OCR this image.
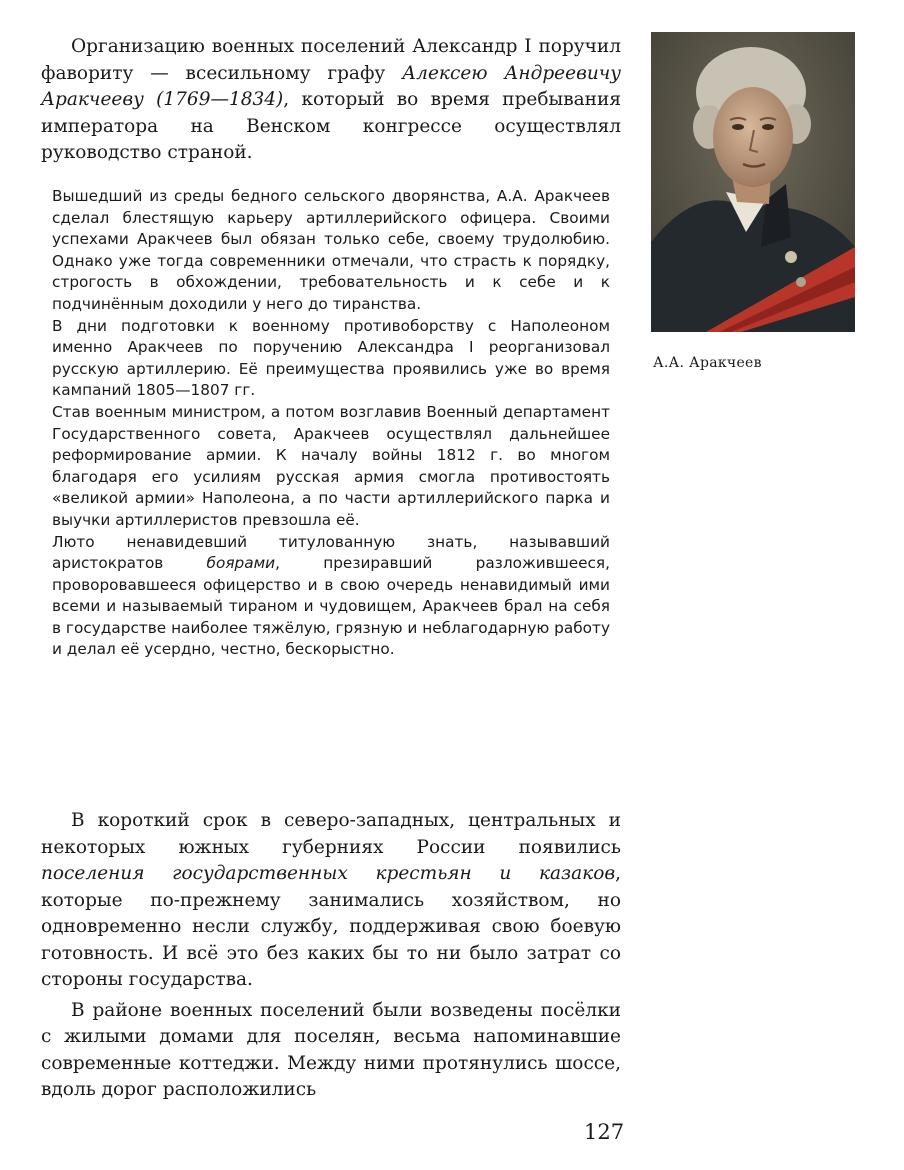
Организацию военных поселений Александр I поручил фавориту — всесильному графу Алексею Андреевичу Аракчееву (1769—1834), который во время пребывания императора на Венском конгрессе осуществлял руководство страной.

Вышедший из среды бедного сельского дворянства, А.А. Аракчеев сделал блестящую карьеру артиллерийского офицера. Своими успехами Аракчеев был обязан только себе, своему трудолюбию. Однако уже тогда современники отмечали, что страсть к порядку, строгость в обхождении, требовательность и к себе и к подчинённым доходили у него до тиранства.

В дни подготовки к военному противоборству с Наполеоном именно Аракчеев по поручению Александра I реорганизовал русскую артиллерию. Её преимущества проявились уже во время кампаний 1805—1807 гг.

Став военным министром, а потом возглавив Военный департамент Государственного совета, Аракчеев осуществлял дальнейшее реформирование армии. К началу войны 1812 г. во многом благодаря его усилиям русская армия смогла противостоять «великой армии» Наполеона, а по части артиллерийского парка и выучки артиллеристов превзошла её.

Люто ненавидевший титулованную знать, называвший аристократов боярами, презиравший разложившееся, проворовавшееся офицерство и в свою очередь ненавидимый ими всеми и называемый тираном и чудовищем, Аракчеев брал на себя в государстве наиболее тяжёлую, грязную и неблагодарную работу и делал её усердно, честно, бескорыстно.

А.А. Аракчеев

В короткий срок в северо-западных, центральных и некоторых южных губерниях России появились поселения государственных крестьян и казаков, которые по-прежнему занимались хозяйством, но одновременно несли службу, поддерживая свою боевую готовность. И всё это без каких бы то ни было затрат со стороны государства.

В районе военных поселений были возведены посёлки с жилыми домами для поселян, весьма напоминавшие современные коттеджи. Между ними протянулись шоссе, вдоль дорог расположились

127
